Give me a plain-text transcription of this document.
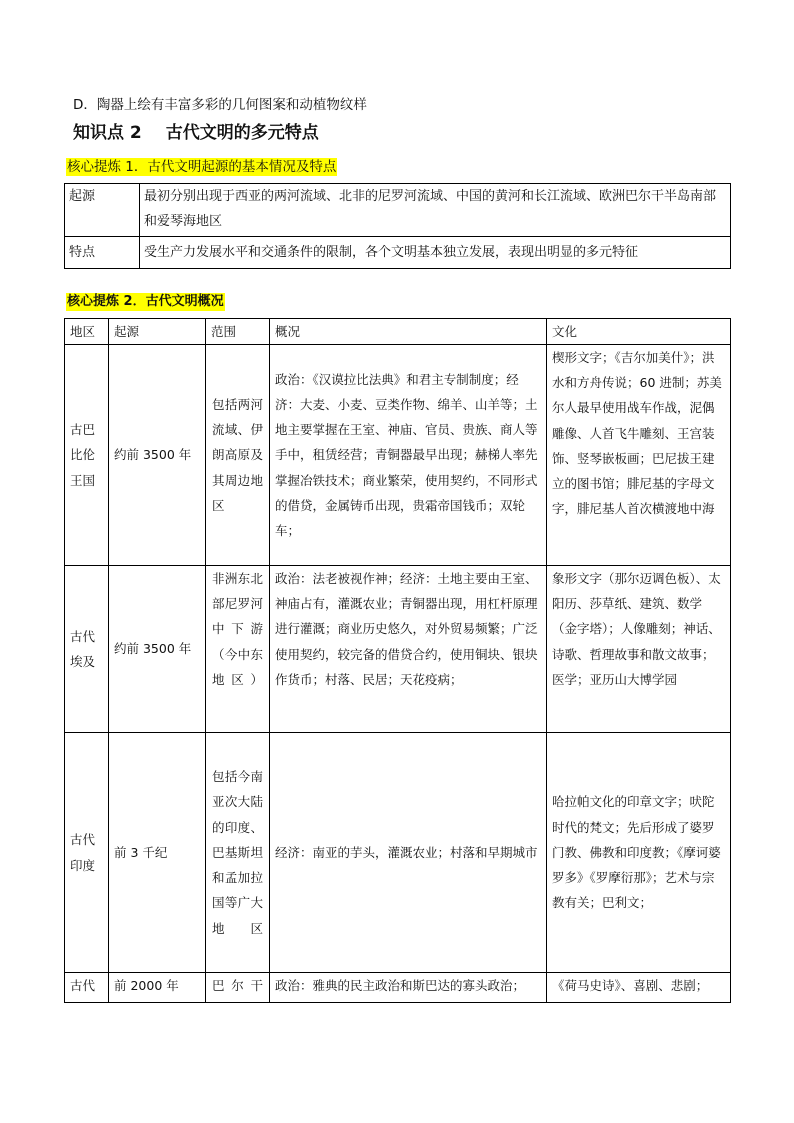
D．陶器上绘有丰富多彩的几何图案和动植物纹样
知识点 2 古代文明的多元特点
核心提炼 1．古代文明起源的基本情况及特点
起源	最初分别出现于西亚的两河流域、北非的尼罗河流域、中国的黄河和长江流域、欧洲巴尔干半岛南部和爱琴海地区
特点	受生产力发展水平和交通条件的限制，各个文明基本独立发展，表现出明显的多元特征
核心提炼 2．古代文明概况
地区	起源	范围	概况	文化
古巴比伦王国	约前 3500 年	包括两河流域、伊朗高原及其周边地区	政治：《汉谟拉比法典》和君主专制制度；经济：大麦、小麦、豆类作物、绵羊、山羊等；土地主要掌握在王室、神庙、官员、贵族、商人等手中，租赁经营；青铜器最早出现；赫梯人率先掌握冶铁技术；商业繁荣，使用契约，不同形式的借贷，金属铸币出现，贵霜帝国钱币；双轮车；	楔形文字；《吉尔加美什》；洪水和方舟传说；60 进制；苏美尔人最早使用战车作战，泥偶雕像、人首飞牛雕刻、王宫装饰、竖琴嵌板画；巴尼拔王建立的图书馆；腓尼基的字母文字，腓尼基人首次横渡地中海
古代埃及	约前 3500 年	非洲东北部尼罗河中下游（今中东地区）	政治：法老被视作神；经济：土地主要由王室、神庙占有，灌溉农业；青铜器出现，用杠杆原理进行灌溉；商业历史悠久，对外贸易频繁；广泛使用契约，较完备的借贷合约，使用铜块、银块作货币；村落、民居；天花疫病；	象形文字（那尔迈调色板）、太阳历、莎草纸、建筑、数学（金字塔）；人像雕刻；神话、诗歌、哲理故事和散文故事；医学；亚历山大博学园
古代印度	前 3 千纪	包括今南亚次大陆的印度、巴基斯坦和孟加拉国等广大地区	经济：南亚的芋头，灌溉农业；村落和早期城市	哈拉帕文化的印章文字；吠陀时代的梵文；先后形成了婆罗门教、佛教和印度教；《摩诃婆罗多》《罗摩衍那》；艺术与宗教有关；巴利文；
古代	前 2000 年	巴尔干	政治：雅典的民主政治和斯巴达的寡头政治；	《荷马史诗》、喜剧、悲剧；
